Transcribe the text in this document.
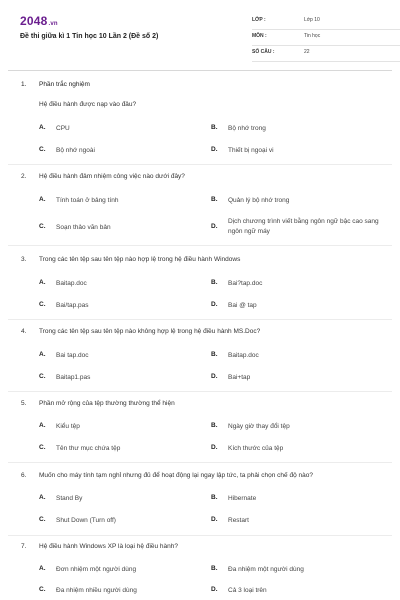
2048.vn
Đề thi giữa kì 1 Tin học 10 Lần 2 (Đề số 2)
LỚP :	Lớp 10
MÔN :	Tin học
SỐ CÂU :	22
1. Phần trắc nghiệm
Hệ điều hành được nạp vào đâu?
A. CPU	B. Bộ nhớ trong
C. Bộ nhớ ngoài	D. Thiết bị ngoại vi
2. Hệ điều hành đảm nhiệm công việc nào dưới đây?
A. Tính toán ở bảng tính	B. Quản lý bộ nhớ trong
C. Soạn thảo văn bản	D.
Dịch chương trình viết bằng ngôn ngữ bậc cao sang ngôn ngữ máy
3. Trong các tên tệp sau tên tệp nào hợp lệ trong hệ điều hành Windows
A. Baitap.doc	B. Bai?tap.doc
C. Bai/tap.pas	D. Bai @ tap
4. Trong các tên tệp sau tên tệp nào không hợp lệ trong hệ điều hành MS.Doc?
A. Bai tap.doc	B. Baitap.doc
C. Baitap1.pas	D. Bai+tap
5. Phần mở rộng của tệp thường thường thể hiện
A. Kiểu tệp	B. Ngày giờ thay đổi tệp
C. Tên thư mục chứa tệp	D. Kích thước của tệp
6. Muốn cho máy tính tạm nghỉ nhưng đủ để hoạt động lại ngay lập tức, ta phải chọn chế độ nào?
A. Stand By	B. Hibernate
C. Shut Down (Turn off)	D. Restart
7. Hệ điều hành Windows XP là loại hệ điều hành?
A. Đơn nhiệm một người dùng	B. Đa nhiệm một người dùng
C. Đa nhiệm nhiều người dùng	D. Cả 3 loại trên
